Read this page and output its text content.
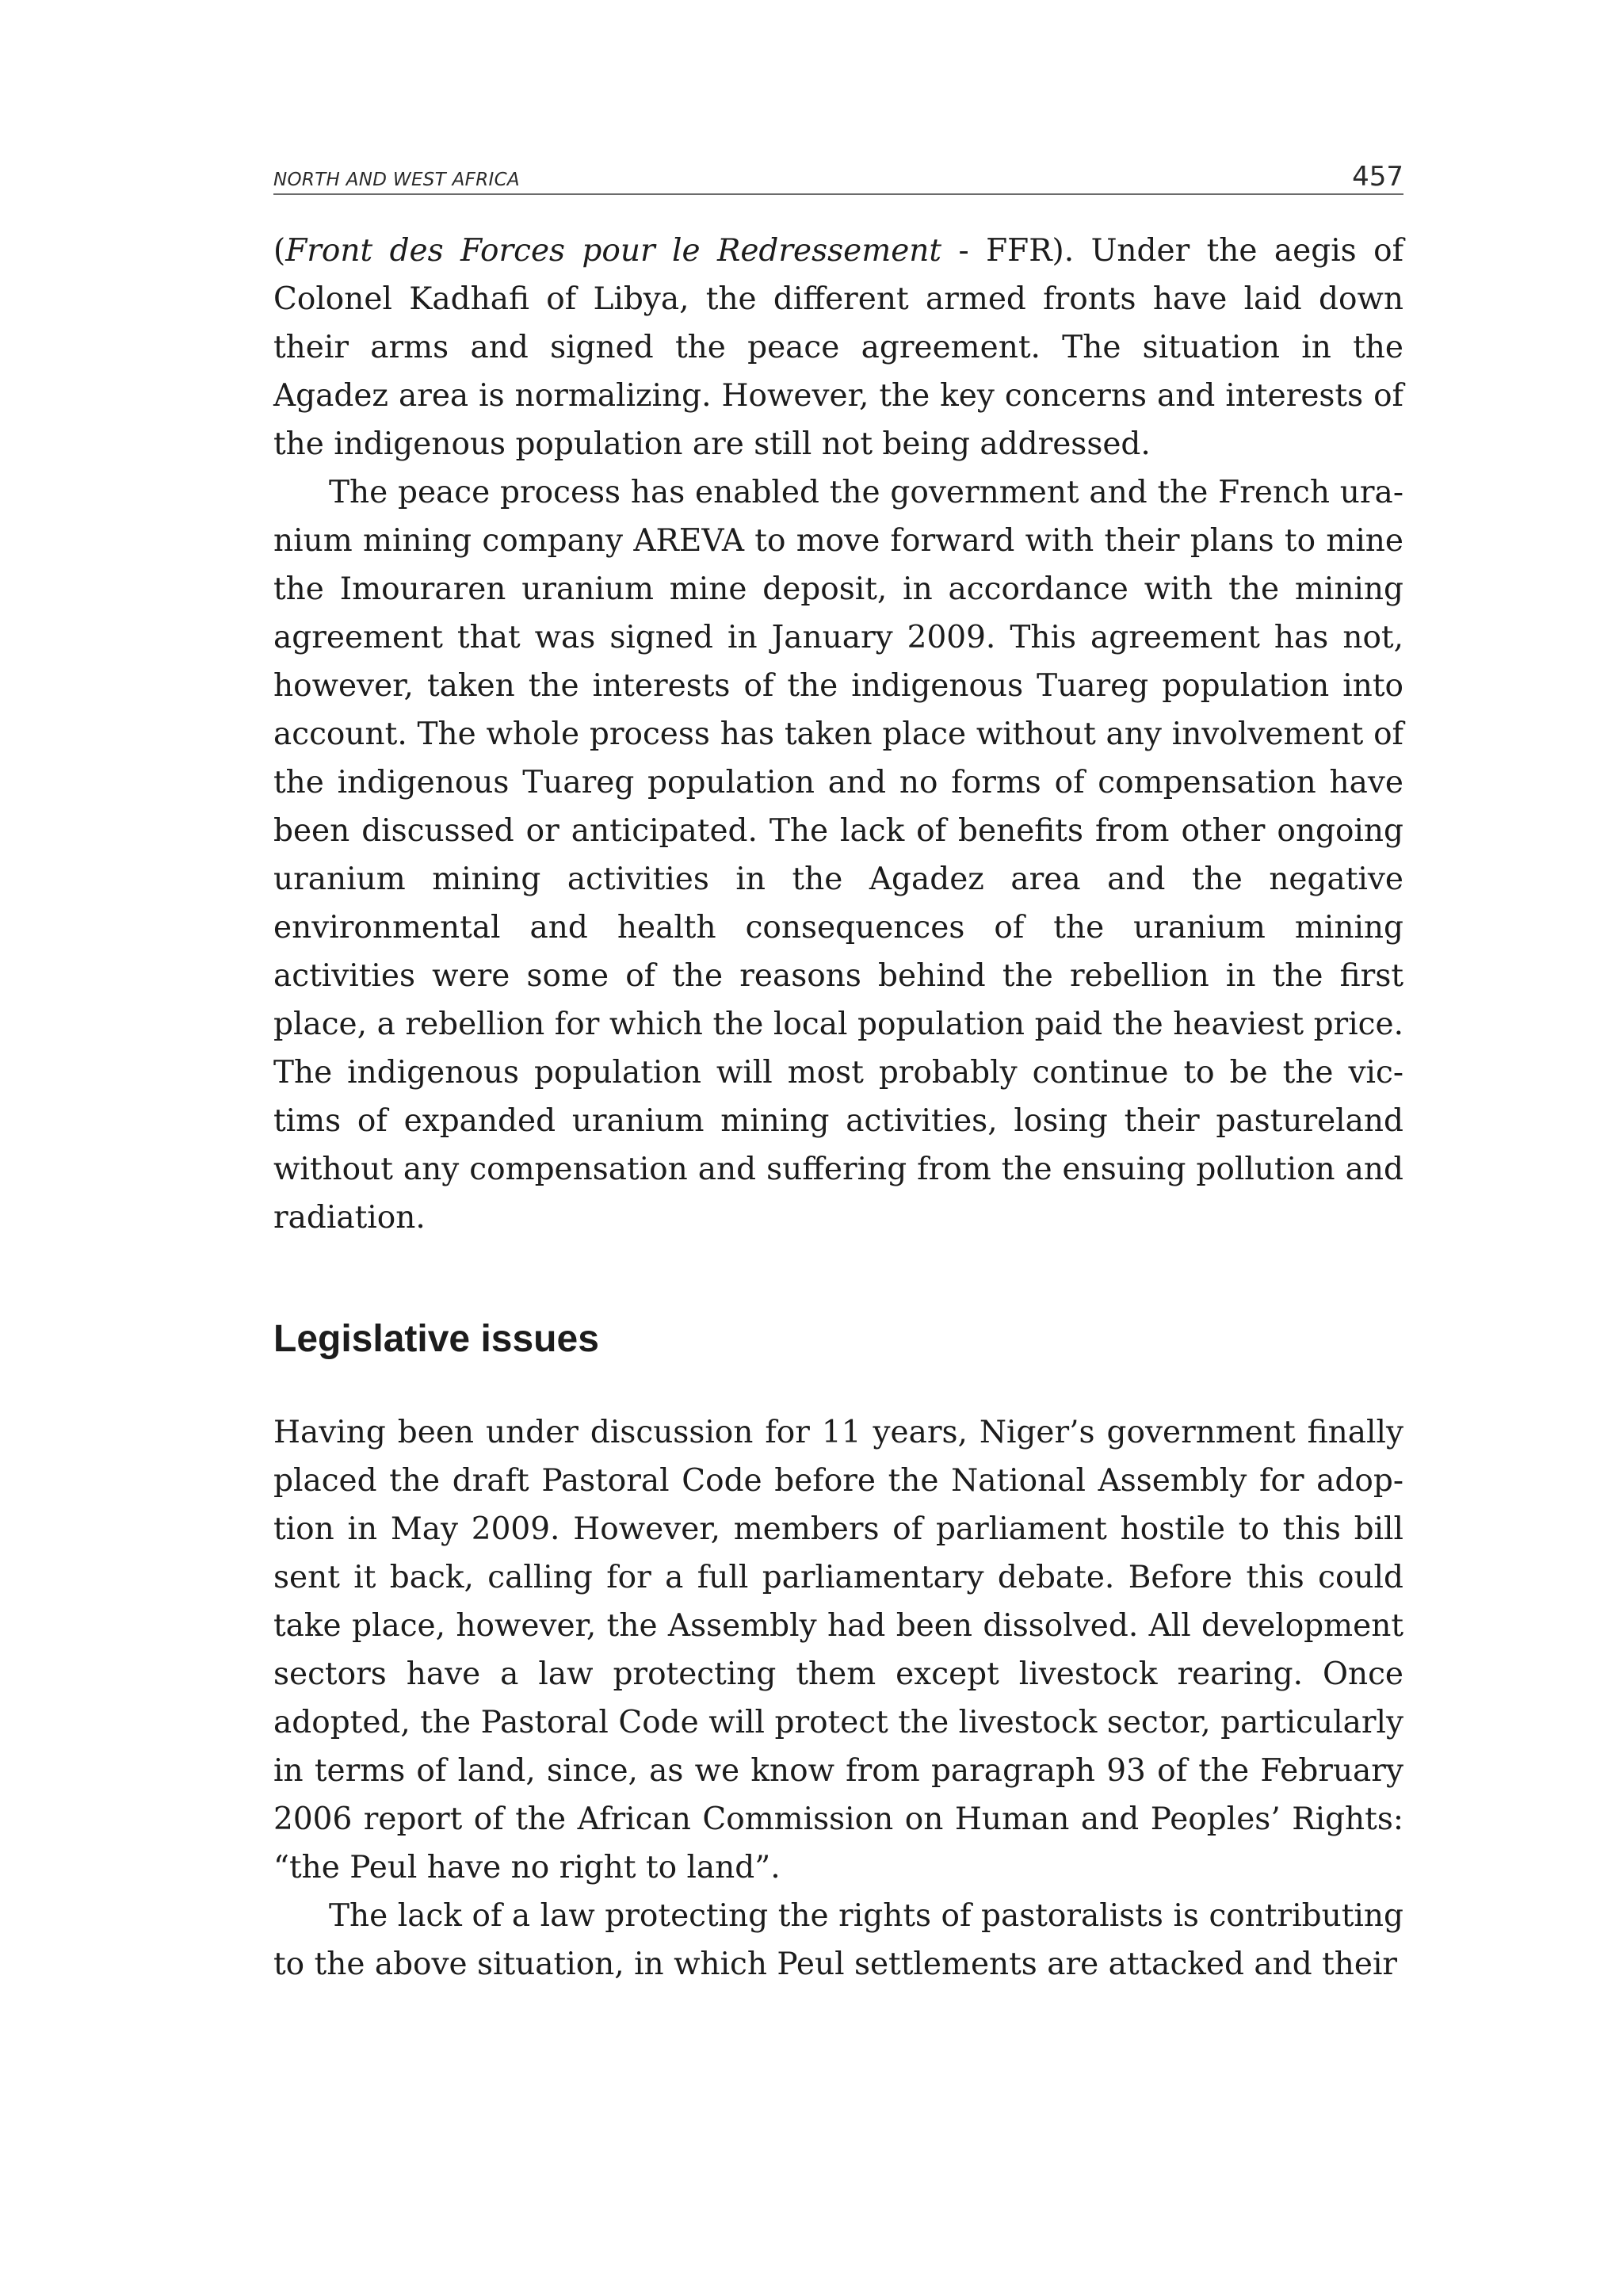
NORTH AND WEST AFRICA	457

(Front des Forces pour le Redressement - FFR). Under the aegis of Colonel Kadhafi of Libya, the different armed fronts have laid down their arms and signed the peace agreement. The situation in the Agadez area is normalizing. However, the key concerns and interests of the indigenous population are still not being addressed.

The peace process has enabled the government and the French uranium mining company AREVA to move forward with their plans to mine the Imouraren uranium mine deposit, in accordance with the mining agreement that was signed in January 2009. This agreement has not, however, taken the interests of the indigenous Tuareg population into account. The whole process has taken place without any involvement of the indigenous Tuareg population and no forms of compensation have been discussed or anticipated. The lack of benefits from other ongoing uranium mining activities in the Agadez area and the negative environmental and health consequences of the uranium mining activities were some of the reasons behind the rebellion in the first place, a rebellion for which the local population paid the heaviest price. The indigenous population will most probably continue to be the victims of expanded uranium mining activities, losing their pastureland without any compensation and suffering from the ensuing pollution and radiation.

Legislative issues

Having been under discussion for 11 years, Niger’s government finally placed the draft Pastoral Code before the National Assembly for adoption in May 2009. However, members of parliament hostile to this bill sent it back, calling for a full parliamentary debate. Before this could take place, however, the Assembly had been dissolved. All development sectors have a law protecting them except livestock rearing. Once adopted, the Pastoral Code will protect the livestock sector, particularly in terms of land, since, as we know from paragraph 93 of the February 2006 report of the African Commission on Human and Peoples’ Rights: “the Peul have no right to land”.

The lack of a law protecting the rights of pastoralists is contributing to the above situation, in which Peul settlements are attacked and their
